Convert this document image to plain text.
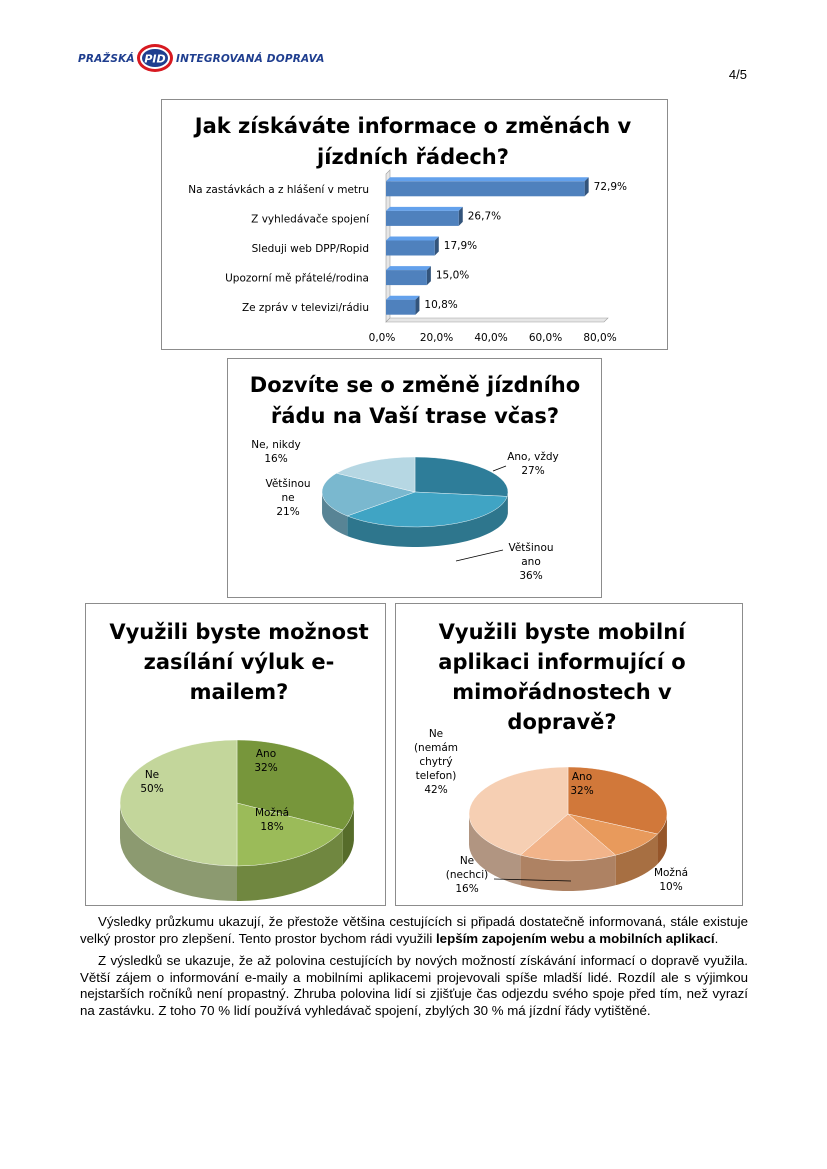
PRAŽSKÁ PID INTEGROVANÁ DOPRAVA
4/5
Jak získáváte informace o změnách v
jízdních řádech?
Na zastávkách a z hlášení v metru	72,9%
Z vyhledávače spojení	26,7%
Sleduji web DPP/Ropid	17,9%
Upozorní mě přátelé/rodina	15,0%
Ze zpráv v televizi/rádiu	10,8%
0,0% 20,0% 40,0% 60,0% 80,0%
Dozvíte se o změně jízdního
řádu na Vaší trase včas?
Ano, vždy
27%
Většinou
ano
36%
Většinou
ne
21%
Ne, nikdy
16%
Využili byste možnost
zasílání výluk e-
mailem?
Ano
32%
Možná
18%
Ne
50%
Využili byste mobilní
aplikaci informující o
mimořádnostech v
dopravě?
Ano
32%
Možná
10%
Ne
(nechci)
16%
Ne
(nemám
chytrý
telefon)
42%

Výsledky průzkumu ukazují, že přestože většina cestujících si připadá dostatečně informovaná, stále existuje velký prostor pro zlepšení. Tento prostor bychom rádi využili lepším zapojením webu a mobilních aplikací.

Z výsledků se ukazuje, že až polovina cestujících by nových možností získávání informací o dopravě využila. Větší zájem o informování e-maily a mobilními aplikacemi projevovali spíše mladší lidé. Rozdíl ale s výjimkou nejstarších ročníků není propastný. Zhruba polovina lidí si zjišťuje čas odjezdu svého spoje před tím, než vyrazí na zastávku. Z toho 70 % lidí používá vyhledávač spojení, zbylých 30 % má jízdní řády vytištěné.
